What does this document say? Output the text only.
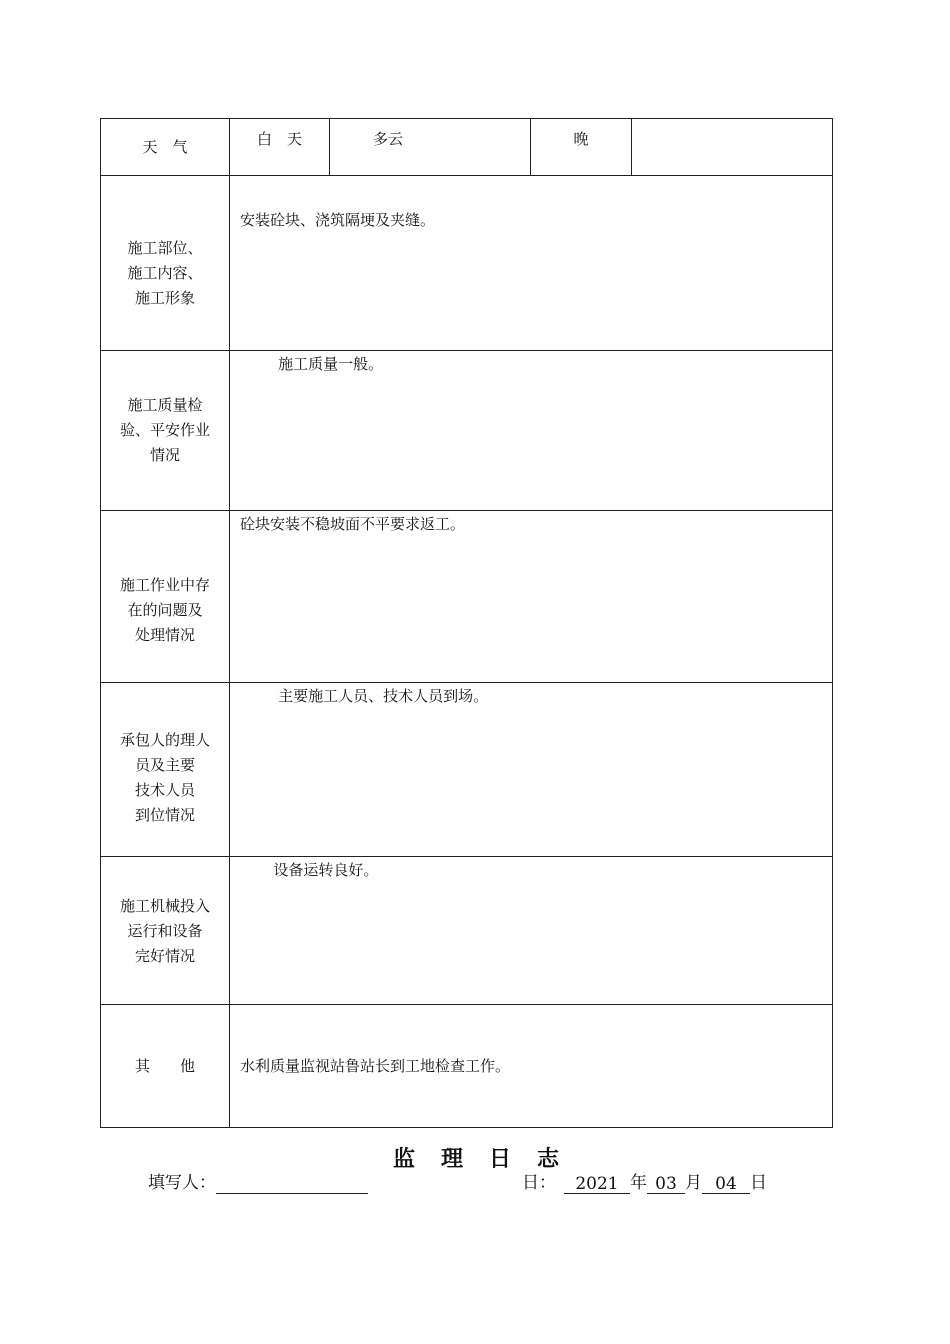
天　气	白　天	多云	晚	
施工部位、
施工内容、
施工形象	安装砼块、浇筑隔埂及夹缝。			

施工质量检
验、平安作业
情况	施工质量一般。			

施工作业中存
在的问题及
处理情况	砼块安装不稳坡面不平要求返工。			

承包人的理人
员及主要
技术人员
到位情况	主要施工人员、技术人员到场。			

施工机械投入
运行和设备
完好情况	设备运转良好。			

其　　他	水利质量监视站鲁站长到工地检查工作。			
监理日志
填写人：	日： 2021 年 03 月 04 日
